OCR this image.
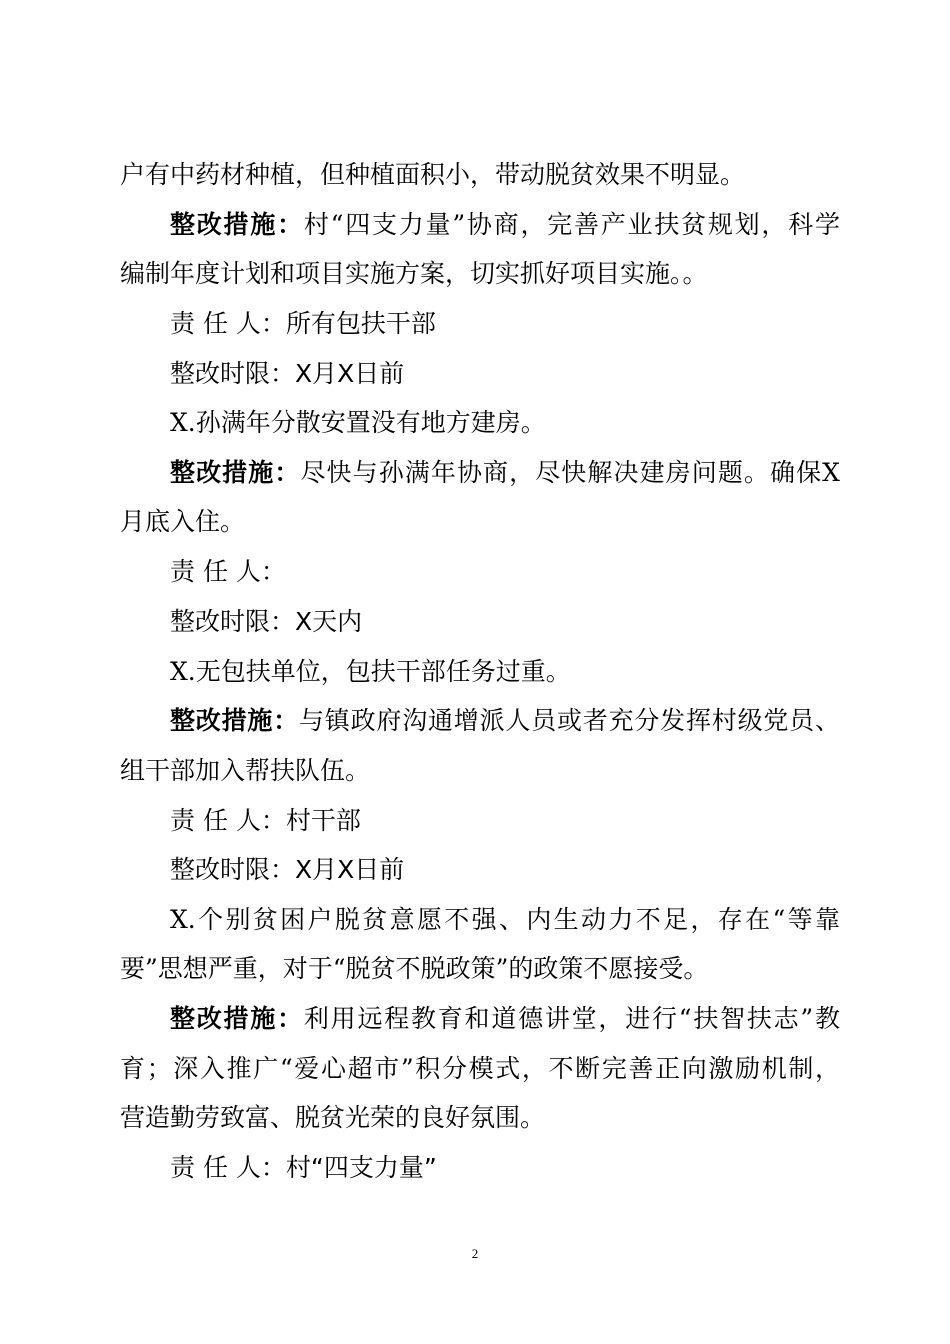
户有中药材种植，但种植面积小，带动脱贫效果不明显。
整改措施：村“四支力量”协商，完善产业扶贫规划，科学
编制年度计划和项目实施方案，切实抓好项目实施。。
责 任 人：所有包扶干部
整改时限：X月X日前
X.孙满年分散安置没有地方建房。
整改措施：尽快与孙满年协商，尽快解决建房问题。确保X
月底入住。
责 任 人：
整改时限：X天内
X.无包扶单位，包扶干部任务过重。
整改措施：与镇政府沟通增派人员或者充分发挥村级党员、
组干部加入帮扶队伍。
责 任 人：村干部
整改时限：X月X日前
X.个别贫困户脱贫意愿不强、内生动力不足，存在“等靠
要”思想严重，对于“脱贫不脱政策”的政策不愿接受。
整改措施：利用远程教育和道德讲堂，进行“扶智扶志”教
育；深入推广“爱心超市”积分模式，不断完善正向激励机制，
营造勤劳致富、脱贫光荣的良好氛围。
责 任 人：村“四支力量”
2
